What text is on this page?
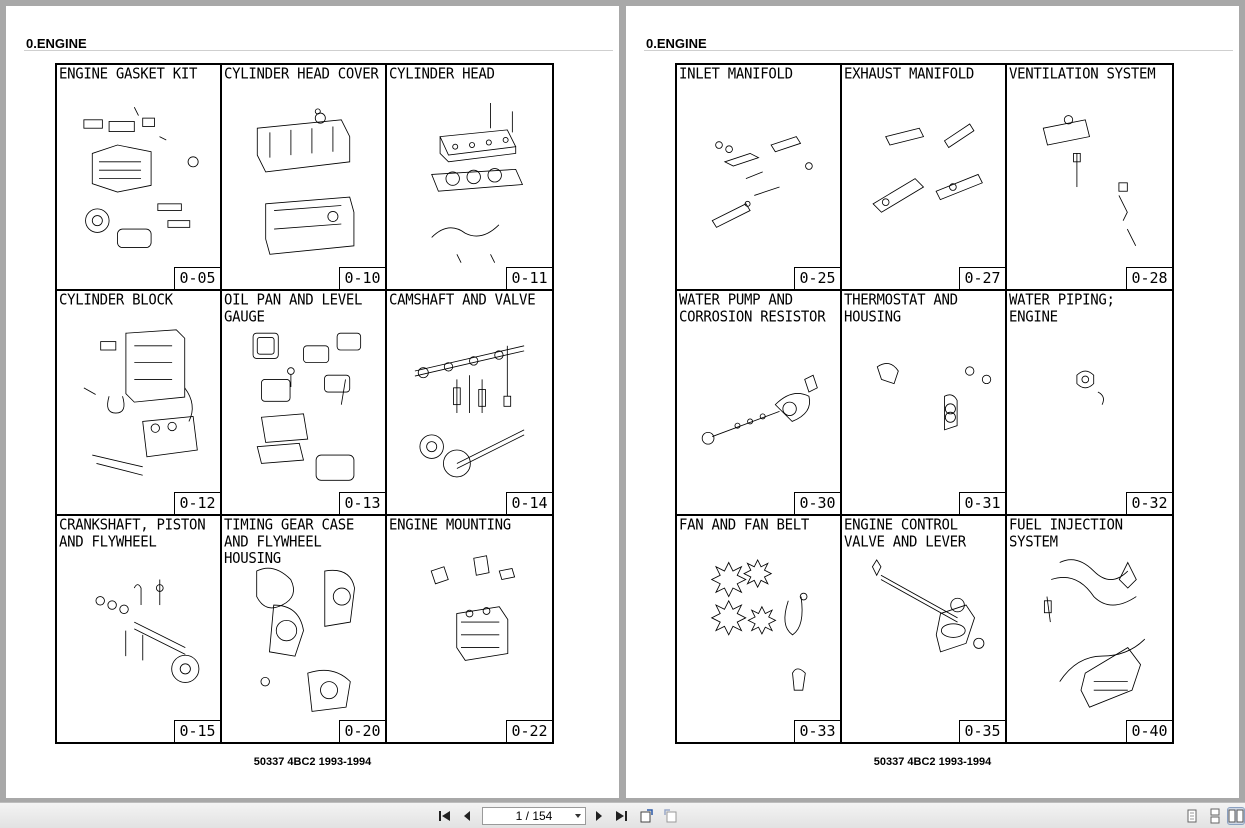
0.ENGINE
ENGINE GASKET KIT
0-05
CYLINDER HEAD COVER
0-10
CYLINDER HEAD
0-11
CYLINDER BLOCK
0-12
OIL PAN AND LEVEL GAUGE
0-13
CAMSHAFT AND VALVE
0-14
CRANKSHAFT, PISTON AND FLYWHEEL
0-15
TIMING GEAR CASE AND FLYWHEEL HOUSING
0-20
ENGINE MOUNTING
0-22
50337 4BC2 1993-1994
0.ENGINE
INLET MANIFOLD
0-25
EXHAUST MANIFOLD
0-27
VENTILATION SYSTEM
0-28
WATER PUMP AND CORROSION RESISTOR
0-30
THERMOSTAT AND HOUSING
0-31
WATER PIPING; ENGINE
0-32
FAN AND FAN BELT
0-33
ENGINE CONTROL VALVE AND LEVER
0-35
FUEL INJECTION SYSTEM
0-40
50337 4BC2 1993-1994
1 / 154
